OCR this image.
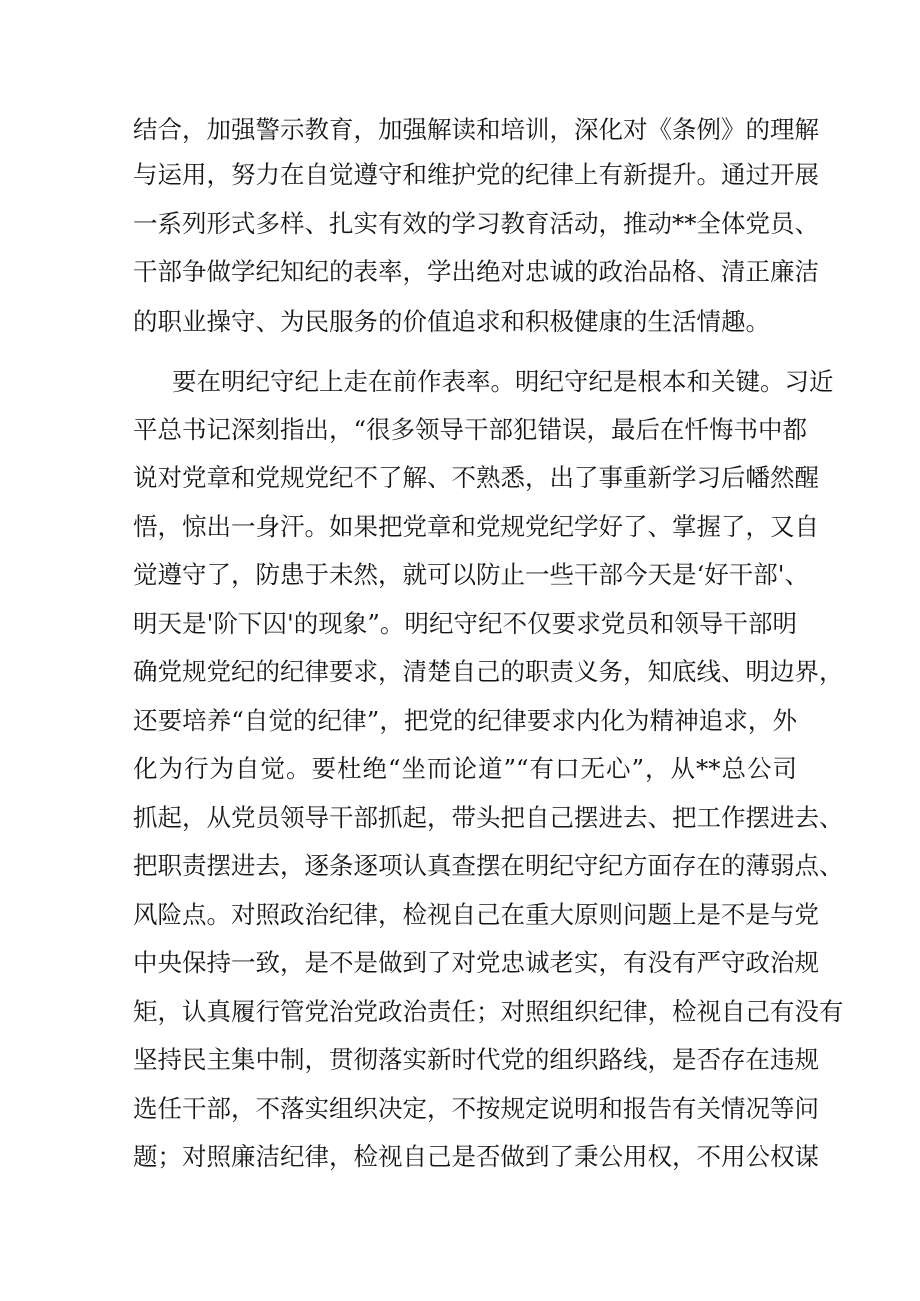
结合，加强警示教育，加强解读和培训，深化对《条例》的理解
与运用，努力在自觉遵守和维护党的纪律上有新提升。通过开展
一系列形式多样、扎实有效的学习教育活动，推动**全体党员、
干部争做学纪知纪的表率，学出绝对忠诚的政治品格、清正廉洁
的职业操守、为民服务的价值追求和积极健康的生活情趣。
要在明纪守纪上走在前作表率。明纪守纪是根本和关键。习近
平总书记深刻指出，“很多领导干部犯错误，最后在忏悔书中都
说对党章和党规党纪不了解、不熟悉，出了事重新学习后幡然醒
悟，惊出一身汗。如果把党章和党规党纪学好了、掌握了，又自
觉遵守了，防患于未然，就可以防止一些干部今天是‘好干部'、
明天是'阶下囚'的现象”。明纪守纪不仅要求党员和领导干部明
确党规党纪的纪律要求，清楚自己的职责义务，知底线、明边界，
还要培养“自觉的纪律”，把党的纪律要求内化为精神追求，外
化为行为自觉。要杜绝“坐而论道”“有口无心”，从**总公司
抓起，从党员领导干部抓起，带头把自己摆进去、把工作摆进去、
把职责摆进去，逐条逐项认真查摆在明纪守纪方面存在的薄弱点、
风险点。对照政治纪律，检视自己在重大原则问题上是不是与党
中央保持一致，是不是做到了对党忠诚老实，有没有严守政治规
矩，认真履行管党治党政治责任；对照组织纪律，检视自己有没有
坚持民主集中制，贯彻落实新时代党的组织路线，是否存在违规
选任干部，不落实组织决定，不按规定说明和报告有关情况等问
题；对照廉洁纪律，检视自己是否做到了秉公用权，不用公权谋
